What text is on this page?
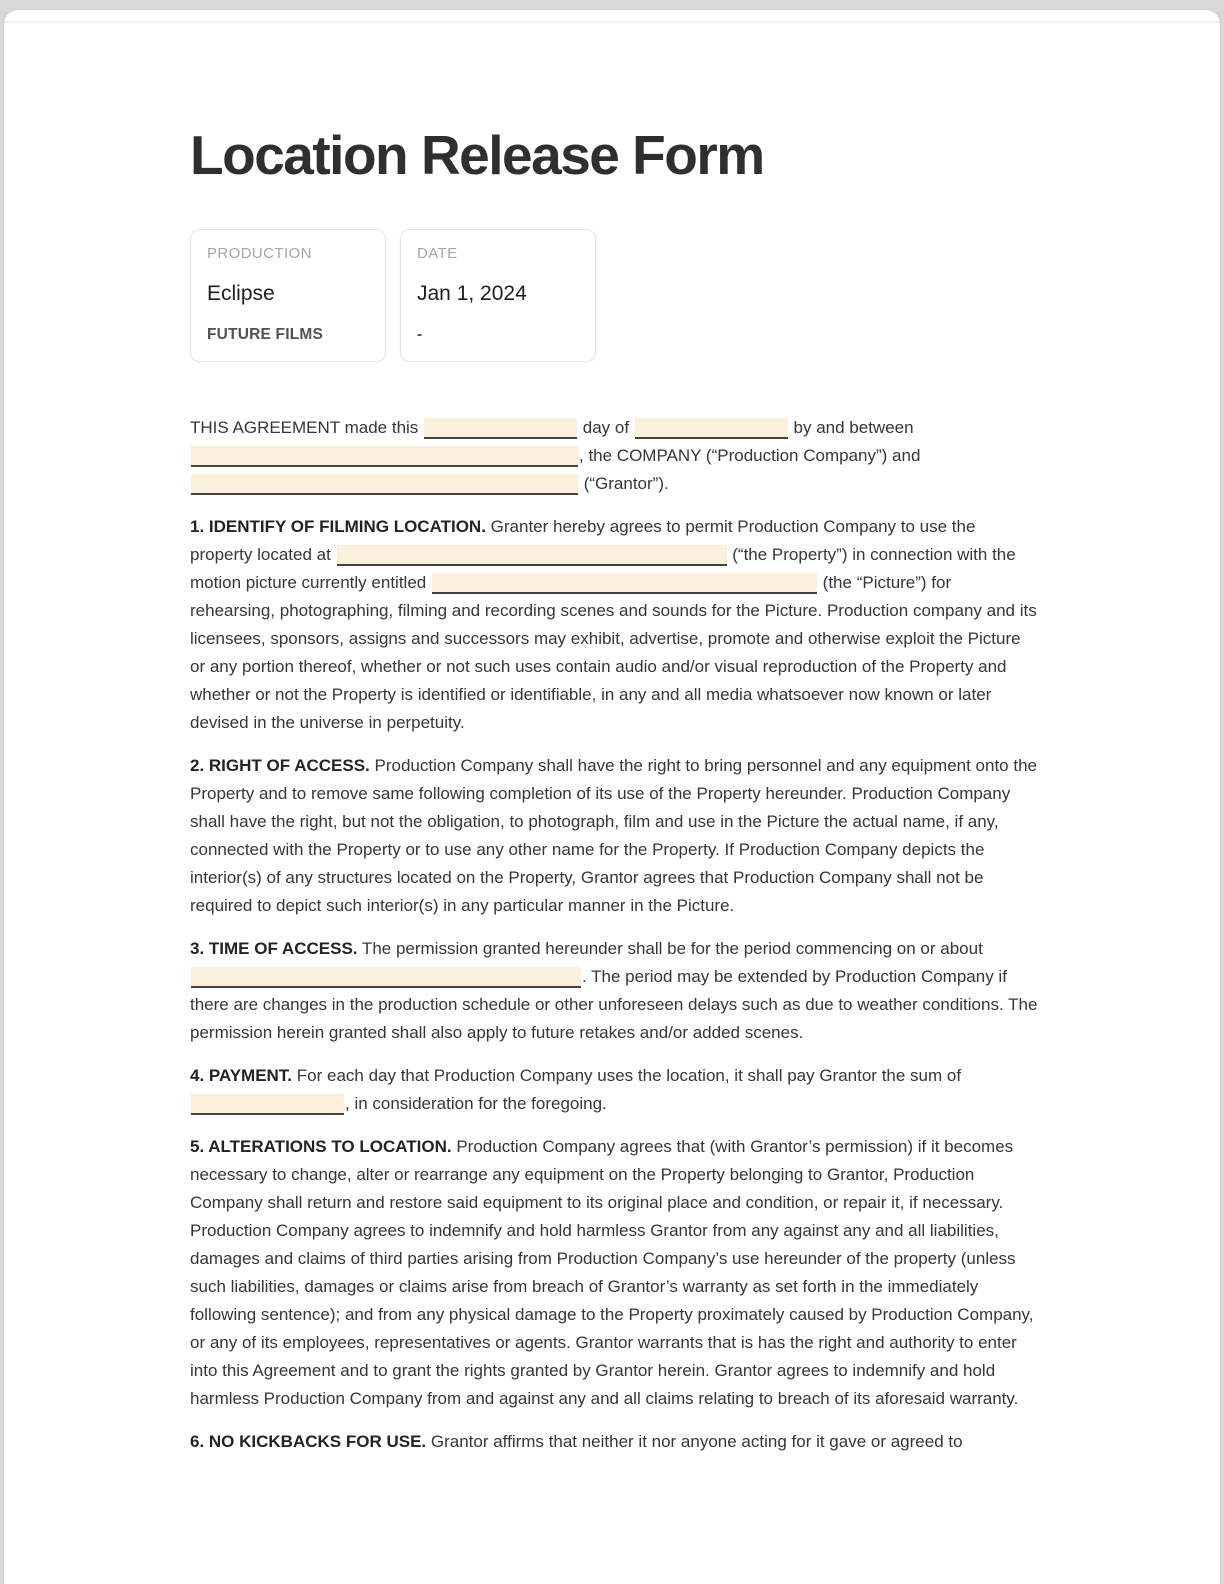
Location Release Form
PRODUCTION
Eclipse
FUTURE FILMS
DATE
Jan 1, 2024
-

THIS AGREEMENT made this	day of	by and between , the COMPANY (“Production Company”) and  (“Grantor”).

1. IDENTIFY OF FILMING LOCATION. Granter hereby agrees to permit Production Company to use the property located at	(“the Property”) in connection with the motion picture currently entitled	(the “Picture”) for rehearsing, photographing, filming and recording scenes and sounds for the Picture. Production company and its licensees, sponsors, assigns and successors may exhibit, advertise, promote and otherwise exploit the Picture or any portion thereof, whether or not such uses contain audio and/or visual reproduction of the Property and whether or not the Property is identified or identifiable, in any and all media whatsoever now known or later devised in the universe in perpetuity.

2. RIGHT OF ACCESS. Production Company shall have the right to bring personnel and any equipment onto the Property and to remove same following completion of its use of the Property hereunder. Production Company shall have the right, but not the obligation, to photograph, film and use in the Picture the actual name, if any, connected with the Property or to use any other name for the Property. If Production Company depicts the interior(s) of any structures located on the Property, Grantor agrees that Production Company shall not be required to depict such interior(s) in any particular manner in the Picture.

3. TIME OF ACCESS. The permission granted hereunder shall be for the period commencing on or about . The period may be extended by Production Company if there are changes in the production schedule or other unforeseen delays such as due to weather conditions. The permission herein granted shall also apply to future retakes and/or added scenes.

4. PAYMENT. For each day that Production Company uses the location, it shall pay Grantor the sum of , in consideration for the foregoing.

5. ALTERATIONS TO LOCATION. Production Company agrees that (with Grantor’s permission) if it becomes necessary to change, alter or rearrange any equipment on the Property belonging to Grantor, Production Company shall return and restore said equipment to its original place and condition, or repair it, if necessary. Production Company agrees to indemnify and hold harmless Grantor from any against any and all liabilities, damages and claims of third parties arising from Production Company’s use hereunder of the property (unless such liabilities, damages or claims arise from breach of Grantor’s warranty as set forth in the immediately following sentence); and from any physical damage to the Property proximately caused by Production Company, or any of its employees, representatives or agents. Grantor warrants that is has the right and authority to enter into this Agreement and to grant the rights granted by Grantor herein. Grantor agrees to indemnify and hold harmless Production Company from and against any and all claims relating to breach of its aforesaid warranty.

6. NO KICKBACKS FOR USE. Grantor affirms that neither it nor anyone acting for it gave or agreed to
